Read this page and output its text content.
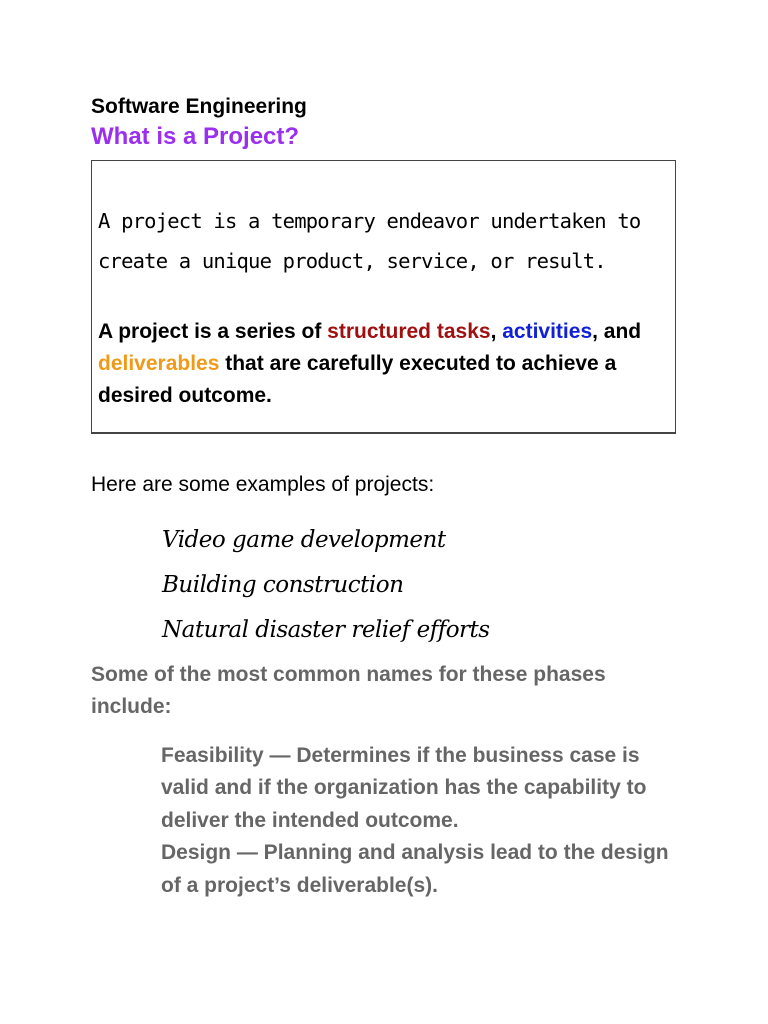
Software Engineering
What is a Project?

A project is a temporary endeavor undertaken to create a unique product, service, or result.

A project is a series of structured tasks, activities, and deliverables that are carefully executed to achieve a desired outcome.

Here are some examples of projects:

Video game development
Building construction
Natural disaster relief efforts

Some of the most common names for these phases include:

Feasibility — Determines if the business case is valid and if the organization has the capability to deliver the intended outcome.
Design — Planning and analysis lead to the design of a project’s deliverable(s).
